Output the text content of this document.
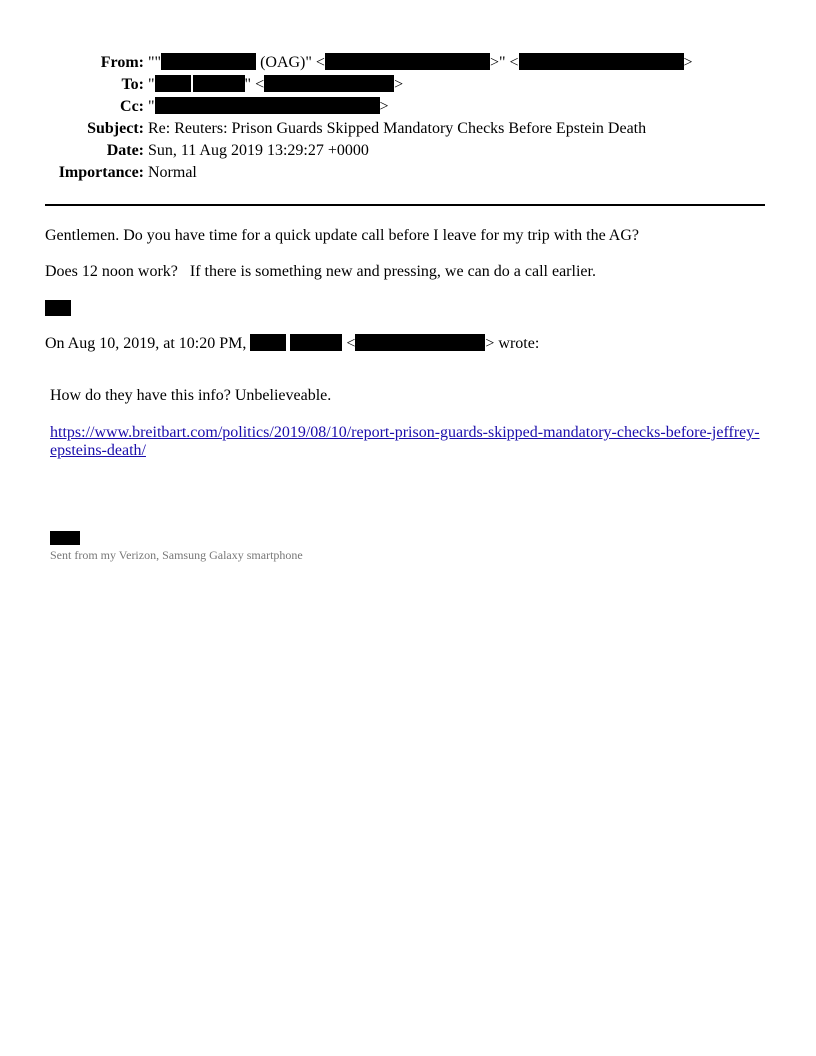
From: ""	(OAG)" <	>" <	>
To: "	" <	>
Cc: "	>
Subject: Re: Reuters: Prison Guards Skipped Mandatory Checks Before Epstein Death
Date: Sun, 11 Aug 2019 13:29:27 +0000
Importance: Normal
Gentlemen. Do you have time for a quick update call before I leave for my trip with the AG?
Does 12 noon work?   If there is something new and pressing, we can do a call earlier.
On Aug 10, 2019, at 10:20 PM,	<	> wrote:
How do they have this info? Unbelieveable.
https://www.breitbart.com/politics/2019/08/10/report-prison-guards-skipped-mandatory-checks-before-jeffrey-epsteins-death/
Sent from my Verizon, Samsung Galaxy smartphone
